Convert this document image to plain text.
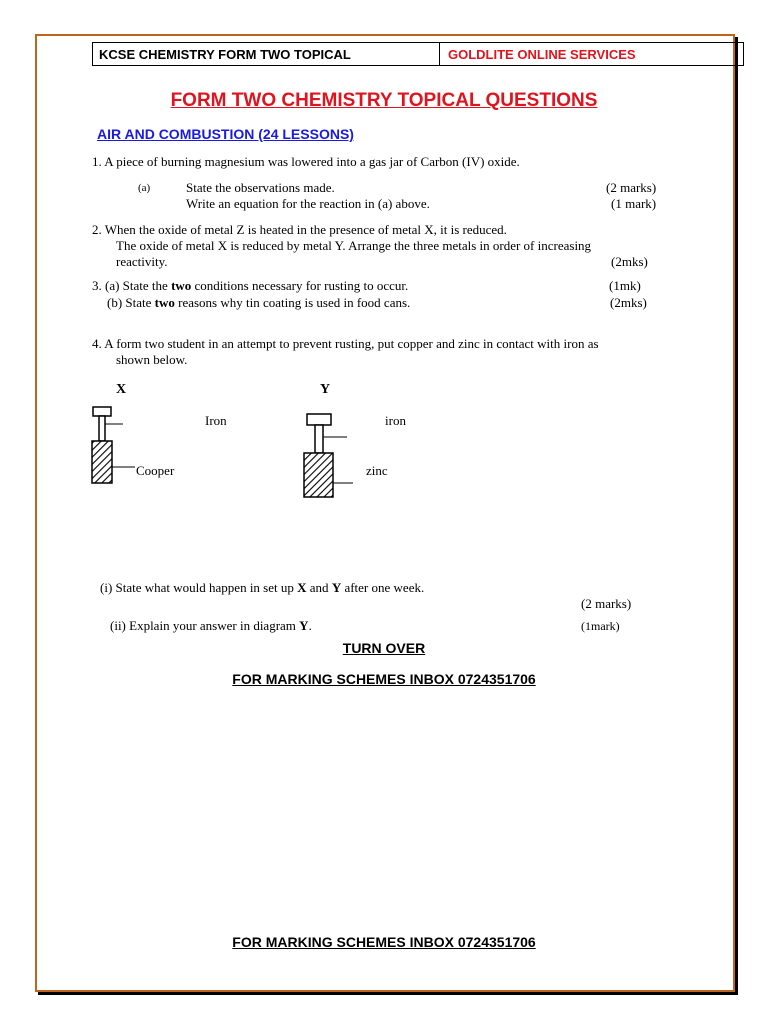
KCSE CHEMISTRY FORM TWO TOPICAL	GOLDLITE ONLINE SERVICES
FORM TWO CHEMISTRY TOPICAL QUESTIONS
AIR AND COMBUSTION (24 LESSONS)
1. A piece of burning magnesium was lowered into a gas jar of Carbon (IV) oxide.
(a)	State the observations made.	(2 marks)
Write an equation for the reaction in (a) above.	(1 mark)
2. When the oxide of metal Z is heated in the presence of metal X, it is reduced.
The oxide of metal X is reduced by metal Y. Arrange the three metals in order of increasing
reactivity.	(2mks)
3. (a) State the two conditions necessary for rusting to occur.	(1mk)
(b) State two reasons why tin coating is used in food cans.	(2mks)
4. A form two student in an attempt to prevent rusting, put copper and zinc in contact with iron as
shown below.
X
Iron
Cooper
Y
iron
zinc
(i) State what would happen in set up X and Y after one week.
(2 marks)
(ii) Explain your answer in diagram Y.	(1mark)
TURN OVER
FOR MARKING SCHEMES INBOX 0724351706
FOR MARKING SCHEMES INBOX 0724351706
